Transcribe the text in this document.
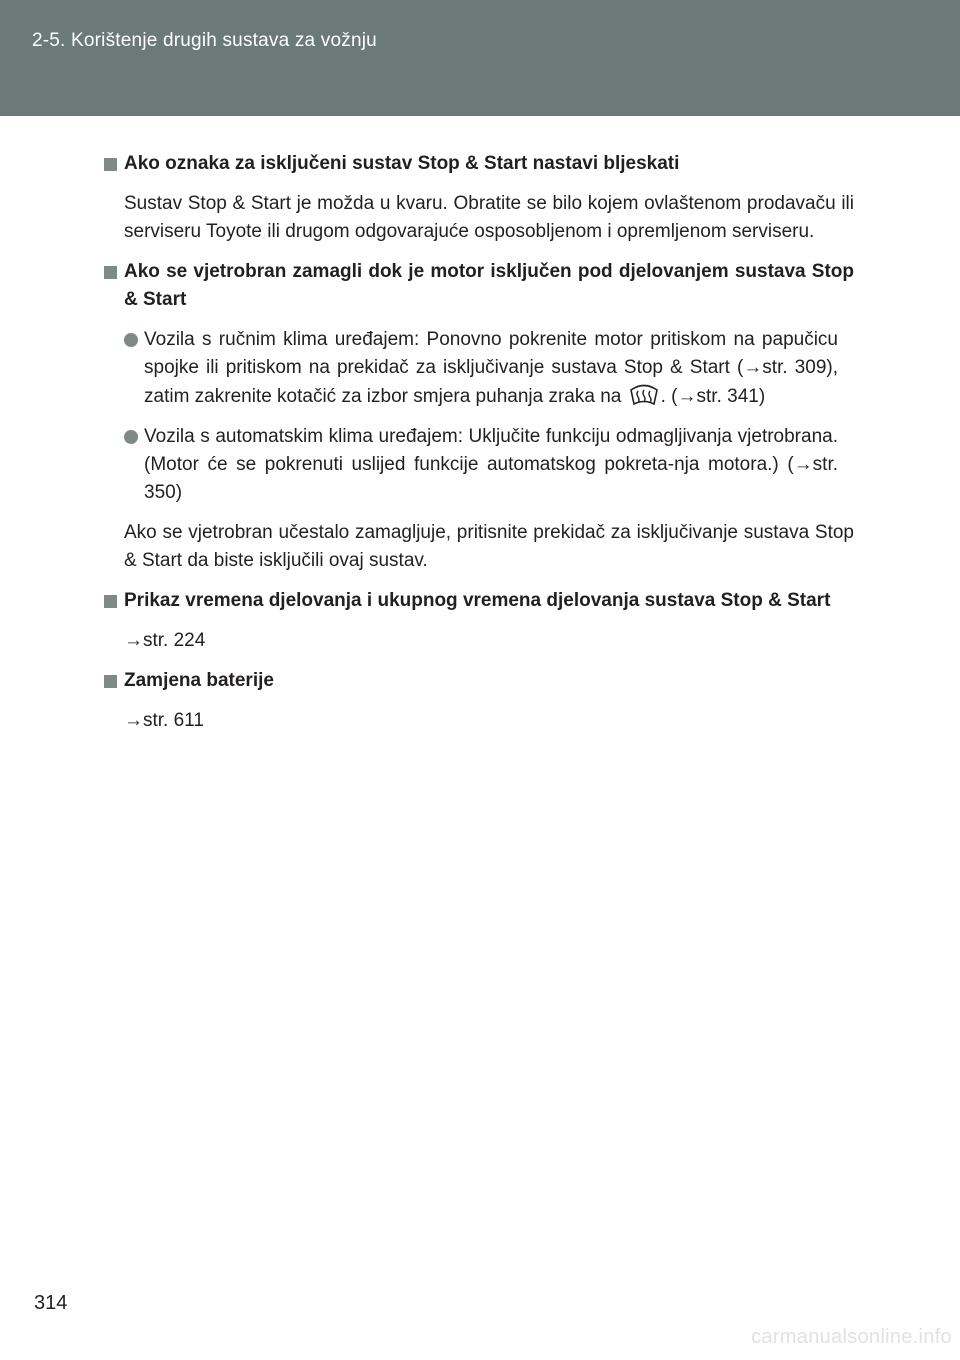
2-5. Korištenje drugih sustava za vožnju
Ako oznaka za isključeni sustav Stop & Start nastavi bljeskati
Sustav Stop & Start je možda u kvaru. Obratite se bilo kojem ovlaštenom prodavaču ili serviseru Toyote ili drugom odgovarajuće osposobljenom i opremljenom serviseru.
Ako se vjetrobran zamagli dok je motor isključen pod djelovanjem sustava Stop & Start
Vozila s ručnim klima uređajem: Ponovno pokrenite motor pritiskom na papučicu spojke ili pritiskom na prekidač za isključivanje sustava Stop & Start (→str. 309), zatim zakrenite kotačić za izbor smjera puhanja zraka na . (→str. 341)
Vozila s automatskim klima uređajem: Uključite funkciju odmagljivanja vjetrobrana. (Motor će se pokrenuti uslijed funkcije automatskog pokreta-nja motora.) (→str. 350)
Ako se vjetrobran učestalo zamagljuje, pritisnite prekidač za isključivanje sustava Stop & Start da biste isključili ovaj sustav.
Prikaz vremena djelovanja i ukupnog vremena djelovanja sustava Stop & Start
→str. 224
Zamjena baterije
→str. 611
314
carmanualsonline.info
